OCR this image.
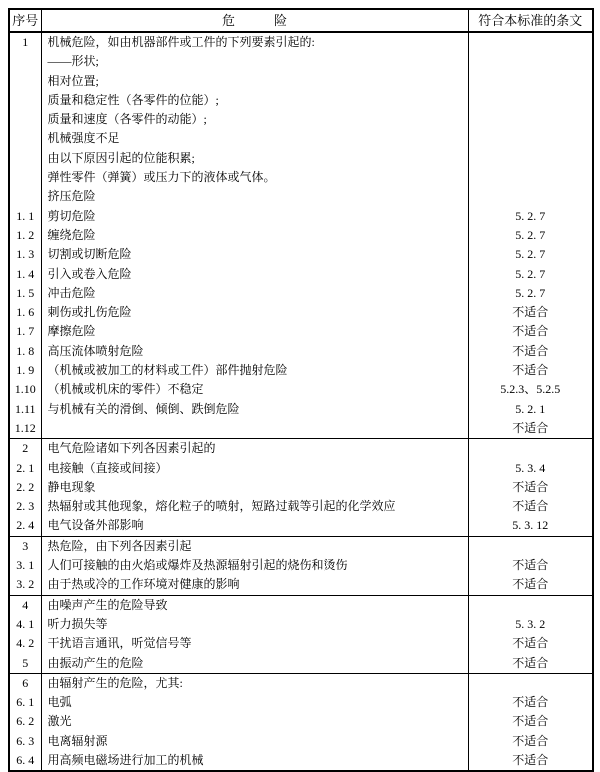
序号	危　　　险	符合本标准的条文
1	机械危险，如由机器部件或工件的下列要素引起的:	
	——形状;	
	相对位置;	
	质量和稳定性（各零件的位能）;	
	质量和速度（各零件的动能）;	
	机械强度不足	
	由以下原因引起的位能积累;	
	弹性零件（弹簧）或压力下的液体或气体。	
	挤压危险	
1. 1	剪切危险	5. 2. 7
1. 2	缠绕危险	5. 2. 7
1. 3	切割或切断危险	5. 2. 7
1. 4	引入或卷入危险	5. 2. 7
1. 5	冲击危险	5. 2. 7
1. 6	刺伤或扎伤危险	不适合
1. 7	摩擦危险	不适合
1. 8	高压流体喷射危险	不适合
1. 9	（机械或被加工的材料或工件）部件抛射危险	不适合
1.10	（机械或机床的零件）不稳定	5.2.3、5.2.5
1.11	与机械有关的滑倒、倾倒、跌倒危险	5. 2. 1
1.12		不适合
2	电气危险诸如下列各因素引起的	
2. 1	电接触（直接或间接）	5. 3. 4
2. 2	静电现象	不适合
2. 3	热辐射或其他现象，熔化粒子的喷射，短路过载等引起的化学效应	不适合
2. 4	电气设备外部影响	5. 3. 12
3	热危险，由下列各因素引起	
3. 1	人们可接触的由火焰或爆炸及热源辐射引起的烧伤和烫伤	不适合
3. 2	由于热或冷的工作环境对健康的影响	不适合
4	由噪声产生的危险导致	
4. 1	听力损失等	5. 3. 2
4. 2	干扰语言通讯，听觉信号等	不适合
5	由振动产生的危险	不适合
6	由辐射产生的危险，尤其:	
6. 1	电弧	不适合
6. 2	激光	不适合
6. 3	电离辐射源	不适合
6. 4	用高频电磁场进行加工的机械	不适合
